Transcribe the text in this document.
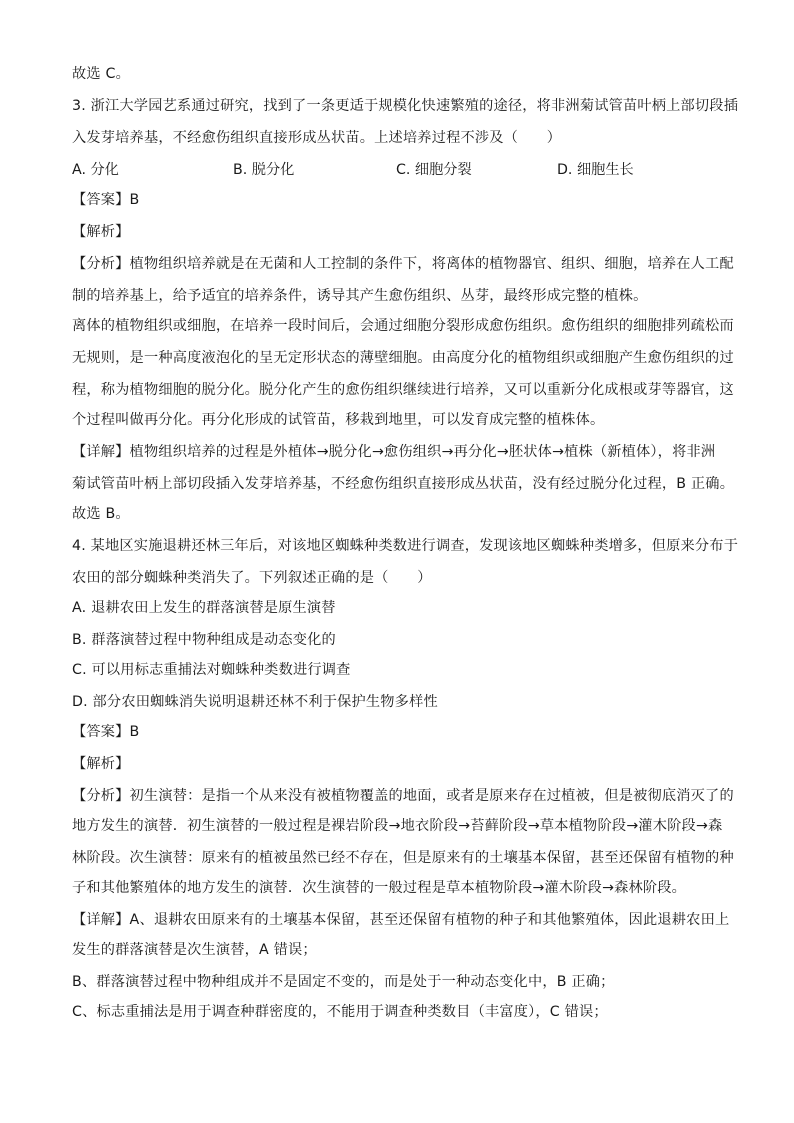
故选 C。
3. 浙江大学园艺系通过研究，找到了一条更适于规模化快速繁殖的途径，将非洲菊试管苗叶柄上部切段插
入发芽培养基，不经愈伤组织直接形成丛状苗。上述培养过程不涉及（　　）
A. 分化	B. 脱分化	C. 细胞分裂	D. 细胞生长
【答案】B
【解析】
【分析】植物组织培养就是在无菌和人工控制的条件下，将离体的植物器官、组织、细胞，培养在人工配
制的培养基上，给予适宜的培养条件，诱导其产生愈伤组织、丛芽，最终形成完整的植株。
离体的植物组织或细胞，在培养一段时间后，会通过细胞分裂形成愈伤组织。愈伤组织的细胞排列疏松而
无规则，是一种高度液泡化的呈无定形状态的薄壁细胞。由高度分化的植物组织或细胞产生愈伤组织的过
程，称为植物细胞的脱分化。脱分化产生的愈伤组织继续进行培养，又可以重新分化成根或芽等器官，这
个过程叫做再分化。再分化形成的试管苗，移栽到地里，可以发育成完整的植株体。
【详解】植物组织培养的过程是外植体→脱分化→愈伤组织→再分化→胚状体→植株（新植体），将非洲
菊试管苗叶柄上部切段插入发芽培养基，不经愈伤组织直接形成丛状苗，没有经过脱分化过程，B 正确。
故选 B。
4. 某地区实施退耕还林三年后，对该地区蜘蛛种类数进行调查，发现该地区蜘蛛种类增多，但原来分布于
农田的部分蜘蛛种类消失了。下列叙述正确的是（　　）
A. 退耕农田上发生的群落演替是原生演替
B. 群落演替过程中物种组成是动态变化的
C. 可以用标志重捕法对蜘蛛种类数进行调查
D. 部分农田蜘蛛消失说明退耕还林不利于保护生物多样性
【答案】B
【解析】
【分析】初生演替：是指一个从来没有被植物覆盖的地面，或者是原来存在过植被，但是被彻底消灭了的
地方发生的演替．初生演替的一般过程是裸岩阶段→地衣阶段→苔藓阶段→草本植物阶段→灌木阶段→森
林阶段。次生演替：原来有的植被虽然已经不存在，但是原来有的土壤基本保留，甚至还保留有植物的种
子和其他繁殖体的地方发生的演替．次生演替的一般过程是草本植物阶段→灌木阶段→森林阶段。
【详解】A、退耕农田原来有的土壤基本保留，甚至还保留有植物的种子和其他繁殖体，因此退耕农田上
发生的群落演替是次生演替，A 错误；
B、群落演替过程中物种组成并不是固定不变的，而是处于一种动态变化中，B 正确；
C、标志重捕法是用于调查种群密度的，不能用于调查种类数目（丰富度），C 错误；
